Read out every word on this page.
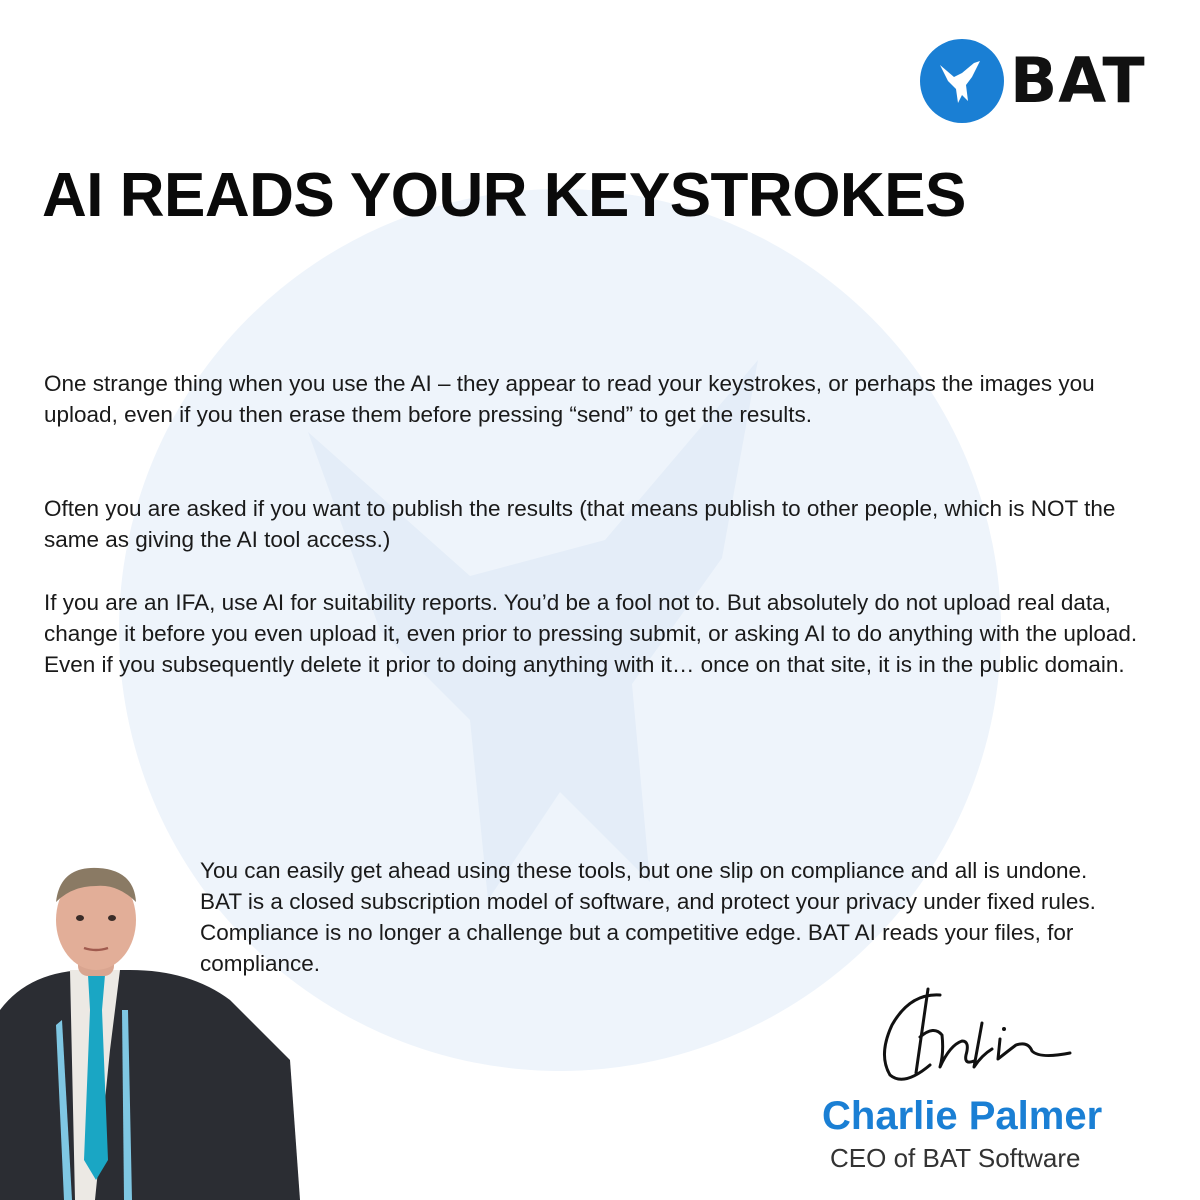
BAT
AI READS YOUR KEYSTROKES

One strange thing when you use the AI – they appear to read your keystrokes, or perhaps the images you upload, even if you then erase them before pressing “send” to get the results.

Often you are asked if you want to publish the results (that means publish to other people, which is NOT the same as giving the AI tool access.)

If you are an IFA, use AI for suitability reports. You’d be a fool not to. But absolutely do not upload real data, change it before you even upload it, even prior to pressing submit, or asking AI to do anything with the upload. Even if you subsequently delete it prior to doing anything with it… once on that site, it is in the public domain.

You can easily get ahead using these tools, but one slip on compliance and all is undone. BAT is a closed subscription model of software, and protect your privacy under fixed rules.
Compliance is no longer a challenge but a competitive edge. BAT AI reads your files, for compliance.
Charlie Palmer
CEO of BAT Software
